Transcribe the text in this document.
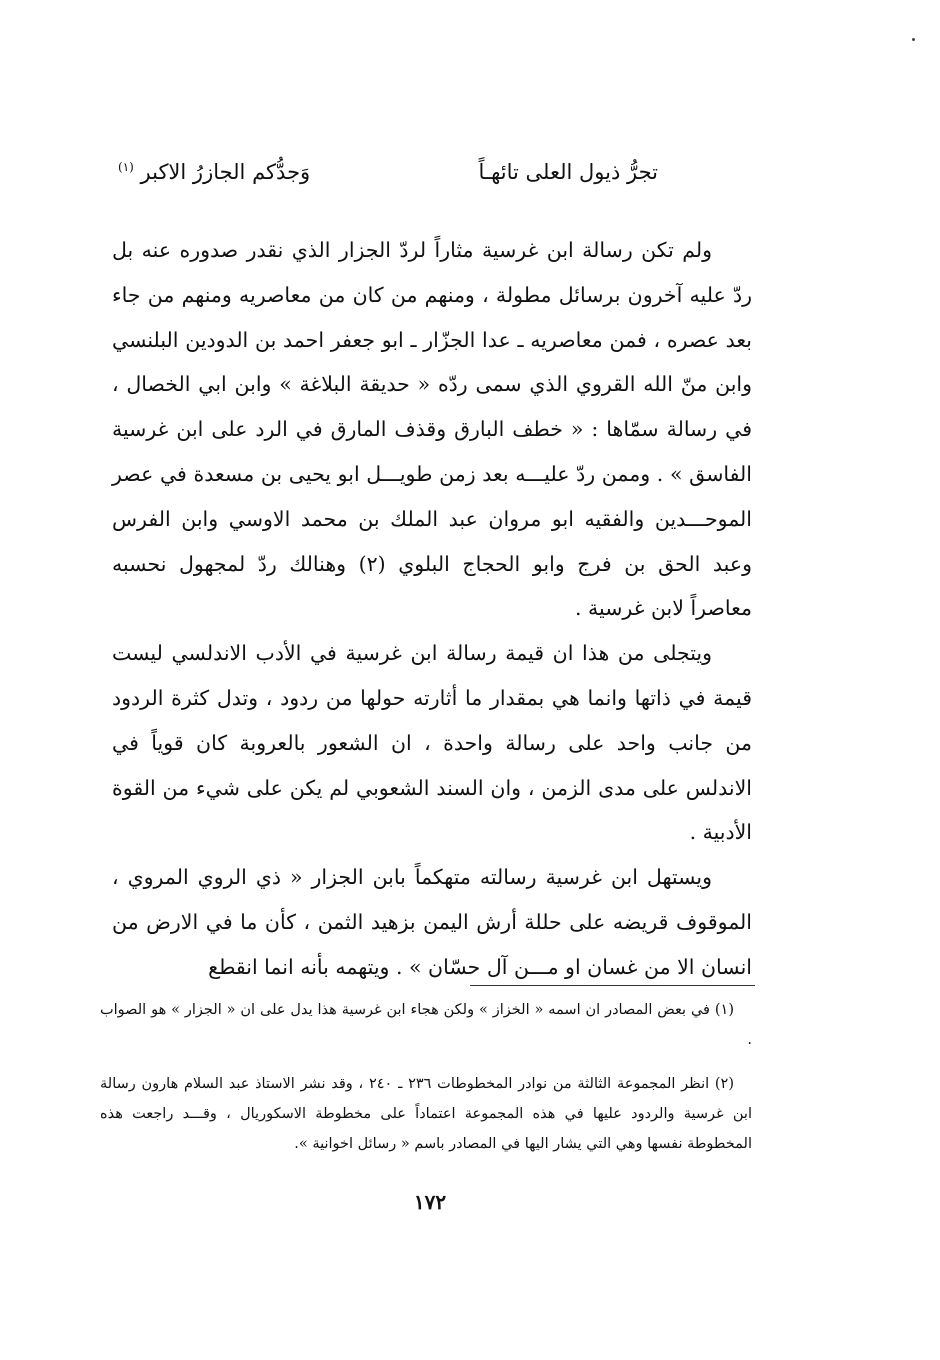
تجرُّ ذيول العلى تائهـاً
وَجدُّكم الجازرُ الاكبر $^{(١)}$

ولم تكن رسالة ابن غرسية مثاراً لردّ الجزار الذي نقدر صدوره عنه بل ردّ عليه آخرون برسائل مطولة ، ومنهم من كان من معاصريه ومنهم من جاء بعد عصره ، فمن معاصريه ـ عدا الجزّار ـ ابو جعفر احمد بن الدودين البلنسي وابن منّ الله القروي الذي سمى ردّه « حديقة البلاغة » وابن ابي الخصال ، في رسالة سمّاها : « خطف البارق وقذف المارق في الرد على ابن غرسية الفاسق » . وممن ردّ عليـــه بعد زمن طويـــل ابو يحيى بن مسعدة في عصر الموحـــدين والفقيه ابو مروان عبد الملك بن محمد الاوسي وابن الفرس وعبد الحق بن فرج وابو الحجاج البلوي (٢) وهنالك ردّ لمجهول نحسبه معاصراً لابن غرسية .

ويتجلى من هذا ان قيمة رسالة ابن غرسية في الأدب الاندلسي ليست قيمة في ذاتها وانما هي بمقدار ما أثارته حولها من ردود ، وتدل كثرة الردود من جانب واحد على رسالة واحدة ، ان الشعور بالعروبة كان قوياً في الاندلس على مدى الزمن ، وان السند الشعوبي لم يكن على شيء من القوة الأدبية .

ويستهل ابن غرسية رسالته متهكماً بابن الجزار « ذي الروي المروي ، الموقوف قريضه على حللة أرش اليمن بزهيد الثمن ، كأن ما في الارض من انسان الا من غسان او مـــن آل حسّان » . ويتهمه بأنه انما انقطع

(١) في بعض المصادر ان اسمه « الخزاز » ولكن هجاء ابن غرسية هذا يدل على ان « الجزار » هو الصواب .

(٢) انظر المجموعة الثالثة من نوادر المخطوطات ٢٣٦ ـ ٢٤٠ ، وقد نشر الاستاذ عبد السلام هارون رسالة ابن غرسية والردود عليها في هذه المجموعة اعتماداً على مخطوطة الاسكوريال ، وقـــد راجعت هذه المخطوطة نفسها وهي التي يشار اليها في المصادر باسم « رسائل اخوانية ».

١٧٢
